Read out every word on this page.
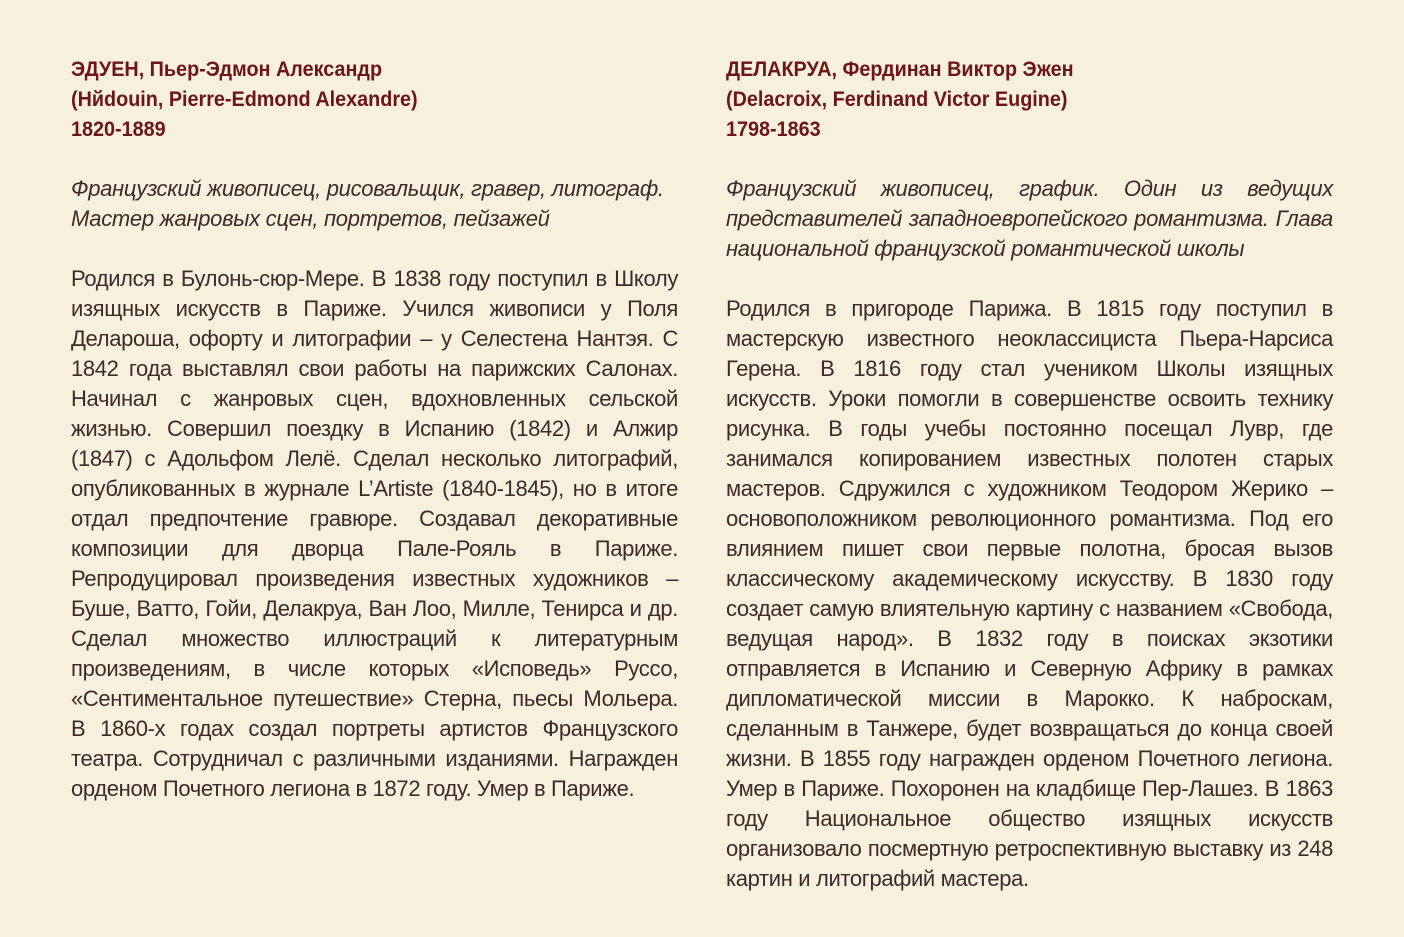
ЭДУЕН, Пьер-Эдмон Александр
(Hйdouin, Pierre-Edmond Alexandre)
1820-1889
Французский живописец, рисовальщик, гравер, литограф. Мастер жанровых сцен, портретов, пейзажей
Родился в Булонь-сюр-Мере. В 1838 году поступил в Школу изящных искусств в Париже. Учился живописи у Поля Делароша, офорту и литографии – у Селестена Нантэя. С 1842 года выставлял свои работы на парижских Салонах. Начинал с жанровых сцен, вдохновленных сельской жизнью. Совершил поездку в Испанию (1842) и Алжир (1847) с Адольфом Лелё. Сделал несколько литографий, опубликованных в журнале L’Artiste (1840-1845), но в итоге отдал предпочтение гравюре. Создавал декоративные композиции для дворца Пале-Рояль в Париже. Репродуцировал произведения известных художников – Буше, Ватто, Гойи, Делакруа, Ван Лоо, Милле, Тенирса и др. Сделал множество иллюстраций к литературным произведениям, в числе которых «Исповедь» Руссо, «Сентиментальное путешествие» Стерна, пьесы Мольера. В 1860-х годах создал портреты артистов Французского театра. Сотрудничал с различными изданиями. Награжден орденом Почетного легиона в 1872 году. Умер в Париже.
ДЕЛАКРУА, Фердинан Виктор Эжен
(Delacroix, Ferdinand Victor Eugine)
1798-1863
Французский живописец, график. Один из ведущих представителей западноевропейского романтизма. Глава национальной французской романтической школы
Родился в пригороде Парижа. В 1815 году поступил в мастерскую известного неоклассициста Пьера-Нарсиса Герена. В 1816 году стал учеником Школы изящных искусств. Уроки помогли в совершенстве освоить технику рисунка. В годы учебы постоянно посещал Лувр, где занимался копированием известных полотен старых мастеров. Сдружился с художником Теодором Жерико – основоположником революционного романтизма. Под его влиянием пишет свои первые полотна, бросая вызов классическому академическому искусству. В 1830 году создает самую влиятельную картину с названием «Свобода, ведущая народ». В 1832 году в поисках экзотики отправляется в Испанию и Северную Африку в рамках дипломатической миссии в Марокко. К наброскам, сделанным в Танжере, будет возвращаться до конца своей жизни. В 1855 году награжден орденом Почетного легиона. Умер в Париже. Похоронен на кладбище Пер-Лашез. В 1863 году Национальное общество изящных искусств организовало посмертную ретроспективную выставку из 248 картин и литографий мастера.
